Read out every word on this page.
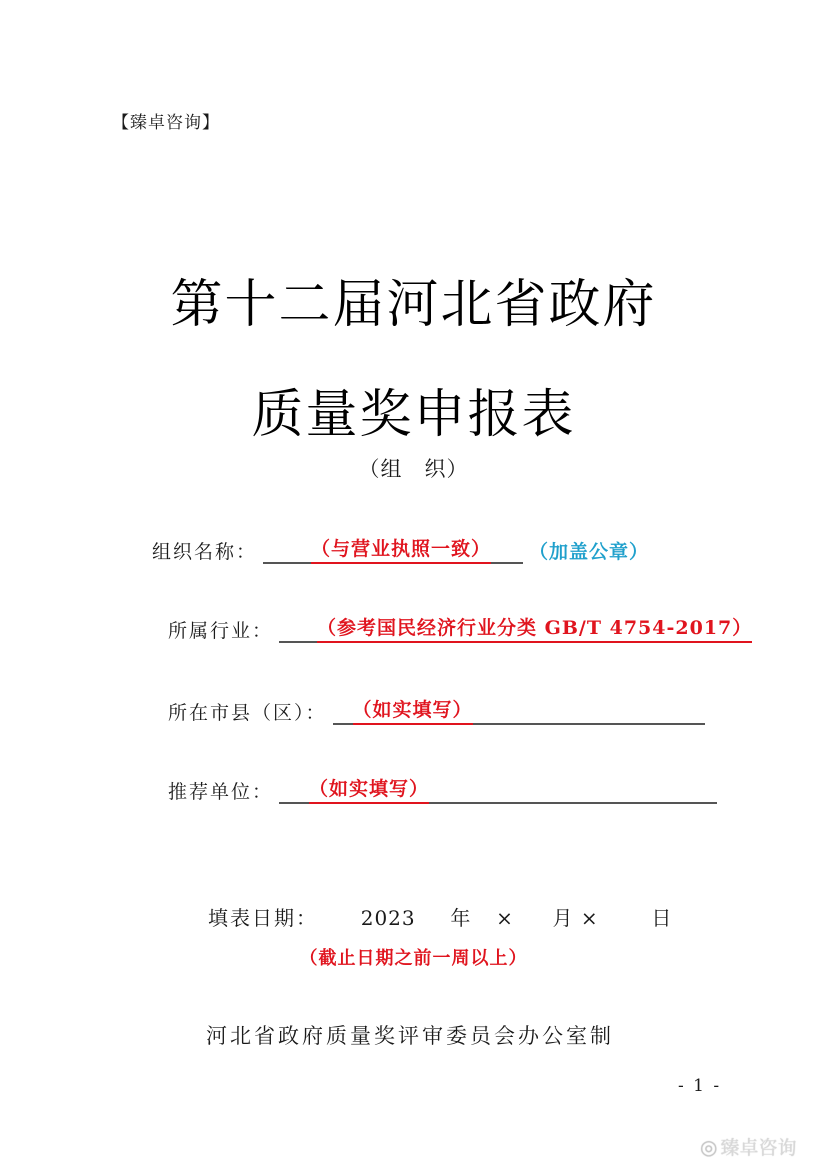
【臻卓咨询】
第十二届河北省政府
质量奖申报表
（组　织）
组织名称：	（与营业执照一致） （加盖公章）
所属行业： （参考国民经济行业分类 GB/T 4754-2017）
所在市县（区）： （如实填写）
推荐单位： （如实填写）
填表日期： 2023 年 × 月 ×	日
（截止日期之前一周以上）
河北省政府质量奖评审委员会办公室制
- 1 -
◎ 臻卓咨询
